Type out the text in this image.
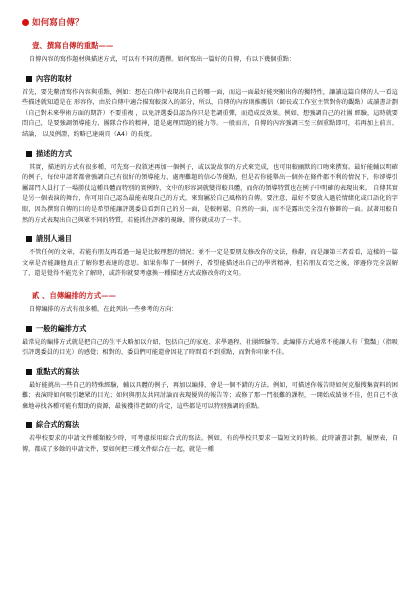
如何寫自傳？
壹、撰寫自傳的重點——

自傳內容的寫作題材與描述方式，可以有不同的選擇。如何寫出一篇好的自傳，有以下幾個重點：

內容的取材

首先，要先釐清寫作內容與重點，例如：想在自傳中表現出自己的哪一面，而這一面最好能突顯出你的獨特性，讓讀這篇自傳的人一看這些描述就知道是在 形容你，由於自傳中適合描寫較深入的部分，所以，自傳的內容則推薦信（師長或工作室主管對你的觀點）或讀書計劃（自己對未來學術方面的期許）不要重複 ，以免評選委員認為你只是老調重彈，而造成反效果。例如，想強調自己的社團 經驗，這時就要問自己，是要強調領導能力、團隊合作的精神，還是處理問題的能力等。一般而言，自傳的內容強調三至三個重點即可，若再加上前言、結論， 以及例證，約略已達兩頁（A4）的長度。

描述的方式

其實，描述的方式有很多種，可先寫一段敘述再加一個例子，或以說故事的方式來完成，也可用較幽默的口吻來撰寫。最好能輔以明確的例子，每位申請者都會強調自己有很好的領導能力、處理難題的信心等優點，但是若你能舉出一個外在條件都不利的情況下，你卻導引屬部門人員打了一場勝仗這種具體而特別的實例時，文中的形容詞就變得較具體，而你的領導特質也在例子中明確的表現出來。 自傳其實是另一個表演的舞台，你可用自己認為最能表現自己的方式，來寫屬於自己風格的自傳。要注意，最好不要放入過於情緒化或口語化的字眼，因為撰寫自傳的目的是希望能讓評選委員看到自己的另一面，是較輕鬆，自然的一面，而不是露出完全沒有修飾的一面。試著用較自然的方式表現出自己與眾不同的特質，若能抓住評審的視線，將你就成功了一半。

請別人過目

不管任何的文章，若能有朋友再看過一遍是比較理想的情況；並不一定是要朋友修改你的文法，修辭，而是讓第三者看看，這樣的一篇文章是否能讓他真正了解你想表達的意思。如果你舉了一個例子，希望能描述出自己的學習精神，但若朋友看完之後，卻邊你完全誤解了，還是覺得不能完全了解時，或許你就要考慮換一種描述方式或修改你的文句。

貳 、自傳編排的方式——

自傳編排的方式有很多種，在此列出一些參考的方向：

一般的編排方式

最常見的編排方式就是把自己的生平大略加以介紹，包括自己的家庭、求學過程、社團經驗等。此編排方式通常不能讓人有「驚豔」（指吸引評選委員的目光）的感覺；相對的，委員們可能還會因花了時間看不到重點，而對你印象不佳。

重點式的寫法

最好能挑出一些自己的特殊經驗，輔以具體的例子，再加以編排，會是一個不錯的方法。例如，可描述你報告時如何克服搜集資料的困難；表演時如何吸引聽眾的目光；如何與朋友共同討論而表現優異的報告等；或修了那一門很難的課程，一開始成績並不佳，但自己不放棄地尋找各種可能有幫助的資源，最後獲得老師的肯定，這些都是可以特別強調的重點。

綜合式的寫法

若學校要求的申請文件種類較少時，可考慮採用綜合式的寫法。例如，有的學校只要求一篇短文的時候。此時讀書計劃，履歷表，自傳，都成了多餘的申請文件，要如何把三種文件綜合在一起，就是一種
